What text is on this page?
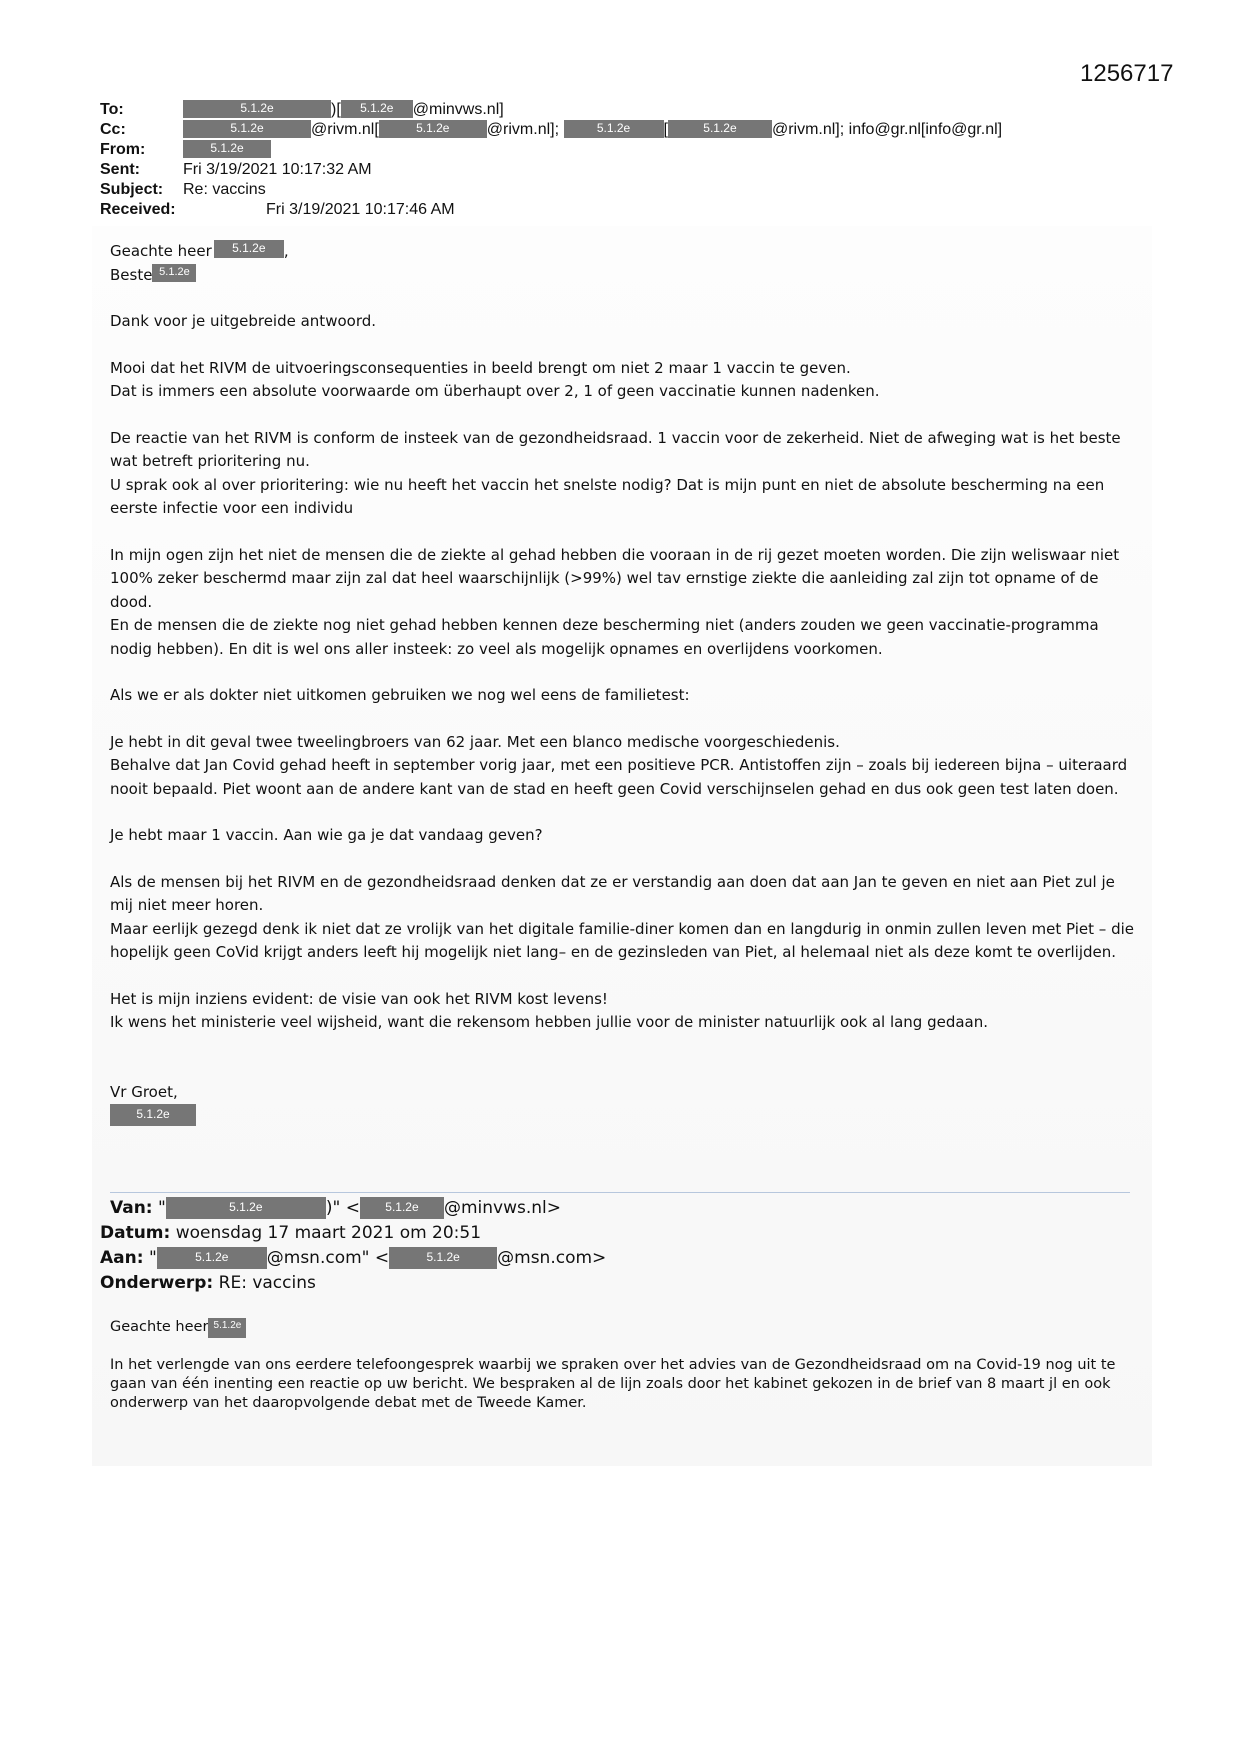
1256717
To:	5.1.2e	)[ 5.1.2e @minvws.nl]
Cc:	5.1.2e	@rivm.nl[	5.1.2e @rivm.nl];	5.1.2e [	5.1.2e @rivm.nl]; info@gr.nl[info@gr.nl]
From:	5.1.2e
Sent:	Fri 3/19/2021 10:17:32 AM
Subject: Re: vaccins
Received:	Fri 3/19/2021 10:17:46 AM

Geachte heer 5.1.2e ,

Beste 5.1.2e

Dank voor je uitgebreide antwoord.

Mooi dat het RIVM de uitvoeringsconsequenties in beeld brengt om niet 2 maar 1 vaccin te geven.

Dat is immers een absolute voorwaarde om überhaupt over 2, 1 of geen vaccinatie kunnen nadenken.

De reactie van het RIVM is conform de insteek van de gezondheidsraad. 1 vaccin voor de zekerheid. Niet de afweging wat is het beste wat betreft prioritering nu.

U sprak ook al over prioritering: wie nu heeft het vaccin het snelste nodig? Dat is mijn punt en niet de absolute bescherming na een eerste infectie voor een individu

In mijn ogen zijn het niet de mensen die de ziekte al gehad hebben die vooraan in de rij gezet moeten worden. Die zijn weliswaar niet 100% zeker beschermd maar zijn zal dat heel waarschijnlijk (>99%) wel tav ernstige ziekte die aanleiding zal zijn tot opname of de dood.

En de mensen die de ziekte nog niet gehad hebben kennen deze bescherming niet (anders zouden we geen vaccinatie-programma nodig hebben). En dit is wel ons aller insteek: zo veel als mogelijk opnames en overlijdens voorkomen.

Als we er als dokter niet uitkomen gebruiken we nog wel eens de familietest:

Je hebt in dit geval twee tweelingbroers van 62 jaar. Met een blanco medische voorgeschiedenis.

Behalve dat Jan Covid gehad heeft in september vorig jaar, met een positieve PCR. Antistoffen zijn – zoals bij iedereen bijna – uiteraard nooit bepaald. Piet woont aan de andere kant van de stad en heeft geen Covid verschijnselen gehad en dus ook geen test laten doen.

Je hebt maar 1 vaccin. Aan wie ga je dat vandaag geven?

Als de mensen bij het RIVM en de gezondheidsraad denken dat ze er verstandig aan doen dat aan Jan te geven en niet aan Piet zul je mij niet meer horen.

Maar eerlijk gezegd denk ik niet dat ze vrolijk van het digitale familie-diner komen dan en langdurig in onmin zullen leven met Piet – die hopelijk geen CoVid krijgt anders leeft hij mogelijk niet lang– en de gezinsleden van Piet, al helemaal niet als deze komt te overlijden.

Het is mijn inziens evident: de visie van ook het RIVM kost levens!

Ik wens het ministerie veel wijsheid, want die rekensom hebben jullie voor de minister natuurlijk ook al lang gedaan.

Vr Groet,

5.1.2e

Van: "	5.1.2e	)" < 5.1.2e @minvws.nl>
Datum: woensdag 17 maart 2021 om 20:51
Aan: "	5.1.2e @msn.com" <	5.1.2e @msn.com>
Onderwerp: RE: vaccins

Geachte heer 5.1.2e

In het verlengde van ons eerdere telefoongesprek waarbij we spraken over het advies van de Gezondheidsraad om na Covid-19 nog uit te gaan van één inenting een reactie op uw bericht. We bespraken al de lijn zoals door het kabinet gekozen in de brief van 8 maart jl en ook onderwerp van het daaropvolgende debat met de Tweede Kamer.
